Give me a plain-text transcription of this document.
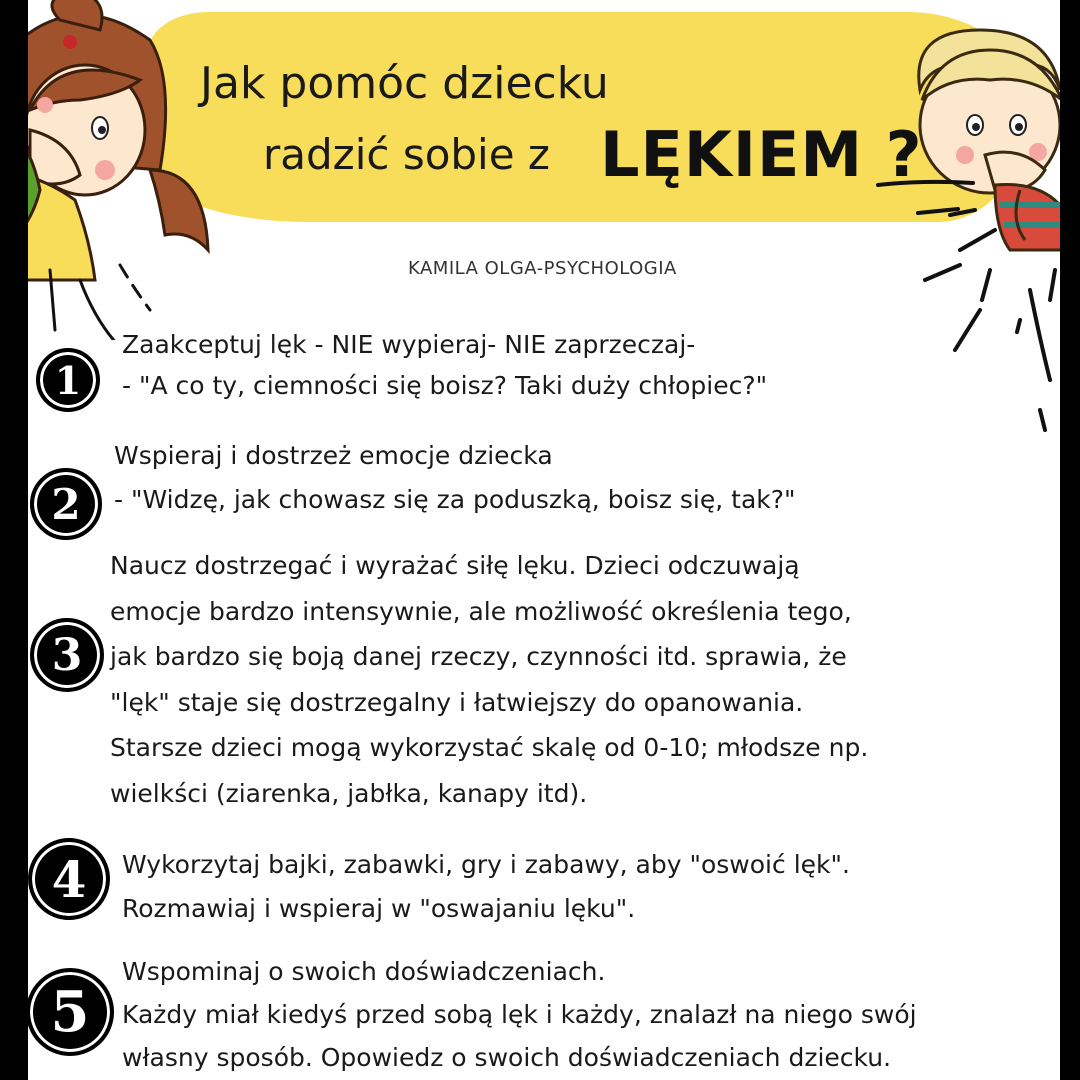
Jak pomóc dziecku
radzić sobie z LĘKIEM ?
KAMILA OLGA-PSYCHOLOGIA
1
Zaakceptuj lęk - NIE wypieraj- NIE zaprzeczaj-
- "A co ty, ciemności się boisz? Taki duży chłopiec?"
2
Wspieraj i dostrzeż emocje dziecka
- "Widzę, jak chowasz się za poduszką, boisz się, tak?"
3
Naucz dostrzegać i wyrażać siłę lęku. Dzieci odczuwają
emocje bardzo intensywnie, ale możliwość określenia tego,
jak bardzo się boją danej rzeczy, czynności itd. sprawia, że
"lęk" staje się dostrzegalny i łatwiejszy do opanowania.
Starsze dzieci mogą wykorzystać skalę od 0-10; młodsze np.
wielkści (ziarenka, jabłka, kanapy itd).
4	Wykorzytaj bajki, zabawki, gry i zabawy, aby "oswoić lęk".
Rozmawiaj i wspieraj w "oswajaniu lęku".
5
Wspominaj o swoich doświadczeniach.
Każdy miał kiedyś przed sobą lęk i każdy, znalazł na niego swój
własny sposób. Opowiedz o swoich doświadczeniach dziecku.
